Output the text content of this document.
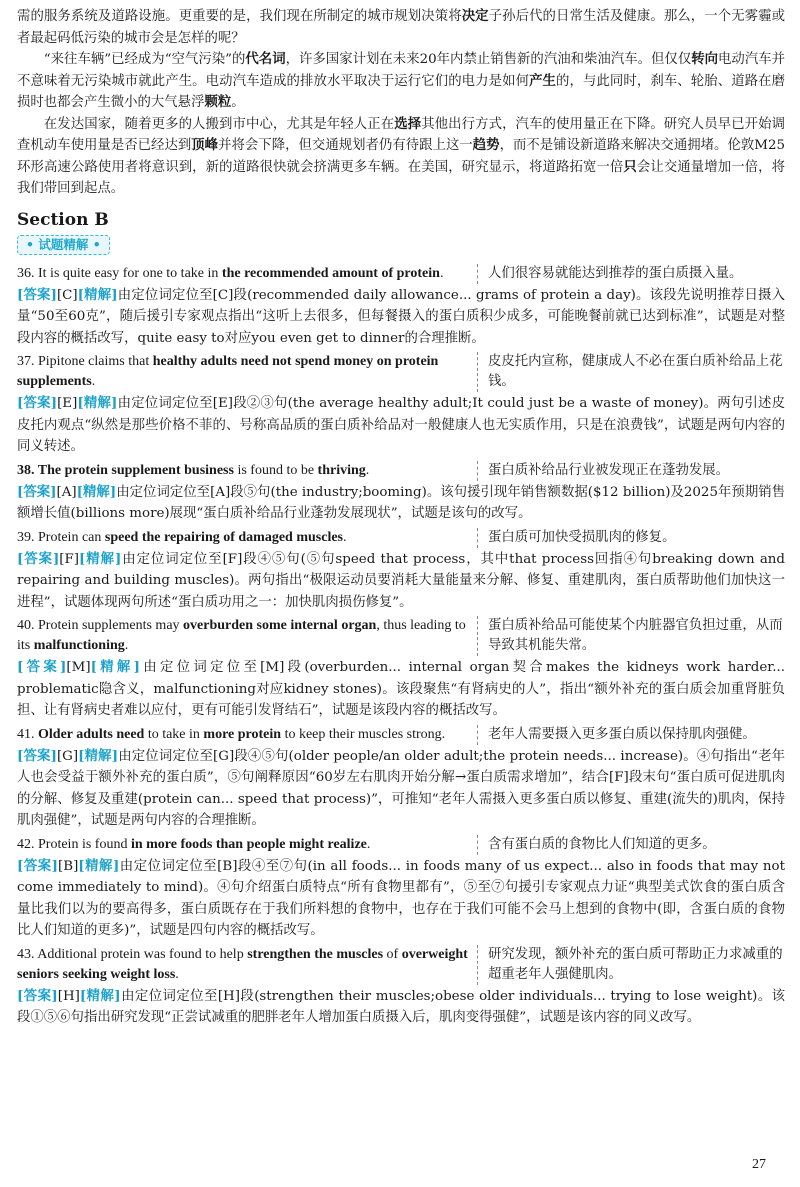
需的服务系统及道路设施。更重要的是，我们现在所制定的城市规划决策将决定子孙后代的日常生活及健康。那么，一个无雾霾或者最起码低污染的城市会是怎样的呢？

“来往车辆”已经成为“空气污染”的代名词，许多国家计划在未来20年内禁止销售新的汽油和柴油汽车。但仅仅转向电动汽车并不意味着无污染城市就此产生。电动汽车造成的排放水平取决于运行它们的电力是如何产生的，与此同时，刹车、轮胎、道路在磨损时也都会产生微小的大气悬浮颗粒。

在发达国家，随着更多的人搬到市中心，尤其是年轻人正在选择其他出行方式，汽车的使用量正在下降。研究人员早已开始调查机动车使用量是否已经达到顶峰并将会下降，但交通规划者仍有待跟上这一趋势，而不是铺设新道路来解决交通拥堵。伦敦M25环形高速公路使用者将意识到，新的道路很快就会挤满更多车辆。在美国，研究显示，将道路拓宽一倍只会让交通量增加一倍，将我们带回到起点。

Section B
• 试题精解 •
36. It is quite easy for one to take in the recommended amount of protein.	人们很容易就能达到推荐的蛋白质摄入量。

[答案][C][精解]由定位词定位至[C]段(recommended daily allowance... grams of protein a day)。该段先说明推荐日摄入量“50至60克”，随后援引专家观点指出“这听上去很多，但每餐摄入的蛋白质积少成多，可能晚餐前就已达到标准”，试题是对整段内容的概括改写，quite easy to对应you even get to dinner的合理推断。

37. Pipitone claims that healthy adults need not spend money on protein supplements.
皮皮托内宣称，健康成人不必在蛋白质补给品上花钱。

[答案][E][精解]由定位词定位至[E]段②③句(the average healthy adult;It could just be a waste of money)。两句引述皮皮托内观点“纵然是那些价格不菲的、号称高品质的蛋白质补给品对一般健康人也无实质作用，只是在浪费钱”，试题是两句内容的同义转述。

38. The protein supplement business is found to be thriving.	蛋白质补给品行业被发现正在蓬勃发展。

[答案][A][精解]由定位词定位至[A]段⑤句(the industry;booming)。该句援引现年销售额数据($12 billion)及2025年预期销售额增长值(billions more)展现“蛋白质补给品行业蓬勃发展现状”，试题是该句的改写。

39. Protein can speed the repairing of damaged muscles.	蛋白质可加快受损肌肉的修复。

[答案][F][精解]由定位词定位至[F]段④⑤句(⑤句speed that process，其中that process回指④句breaking down and repairing and building muscles)。两句指出“极限运动员要消耗大量能量来分解、修复、重建肌肉，蛋白质帮助他们加快这一进程”，试题体现两句所述“蛋白质功用之一：加快肌肉损伤修复”。

40. Protein supplements may overburden some internal organ, thus leading to its malfunctioning.
蛋白质补给品可能使某个内脏器官负担过重，从而导致其机能失常。

[答案][M][精解]由定位词定位至[M]段(overburden... internal organ契合makes the kidneys work harder... problematic隐含义，malfunctioning对应kidney stones)。该段聚焦“有肾病史的人”，指出“额外补充的蛋白质会加重肾脏负担、让有肾病史者难以应付，更有可能引发肾结石”，试题是该段内容的概括改写。

41. Older adults need to take in more protein to keep their muscles strong.	老年人需要摄入更多蛋白质以保持肌肉强健。

[答案][G][精解]由定位词定位至[G]段④⑤句(older people/an older adult;the protein needs... increase)。④句指出“老年人也会受益于额外补充的蛋白质”，⑤句阐释原因“60岁左右肌肉开始分解→蛋白质需求增加”，结合[F]段末句“蛋白质可促进肌肉的分解、修复及重建(protein can... speed that process)”，可推知“老年人需摄入更多蛋白质以修复、重建(流失的)肌肉，保持肌肉强健”，试题是两句内容的合理推断。

42. Protein is found in more foods than people might realize.	含有蛋白质的食物比人们知道的更多。

[答案][B][精解]由定位词定位至[B]段④至⑦句(in all foods... in foods many of us expect... also in foods that may not come immediately to mind)。④句介绍蛋白质特点“所有食物里都有”，⑤至⑦句援引专家观点力证“典型美式饮食的蛋白质含量比我们以为的要高得多，蛋白质既存在于我们所料想的食物中，也存在于我们可能不会马上想到的食物中(即，含蛋白质的食物比人们知道的更多)”，试题是四句内容的概括改写。

43. Additional protein was found to help strengthen the muscles of overweight seniors seeking weight loss.
研究发现，额外补充的蛋白质可帮助正力求减重的超重老年人强健肌肉。

[答案][H][精解]由定位词定位至[H]段(strengthen their muscles;obese older individuals... trying to lose weight)。该段①⑤⑥句指出研究发现“正尝试减重的肥胖老年人增加蛋白质摄入后，肌肉变得强健”，试题是该内容的同义改写。

27
